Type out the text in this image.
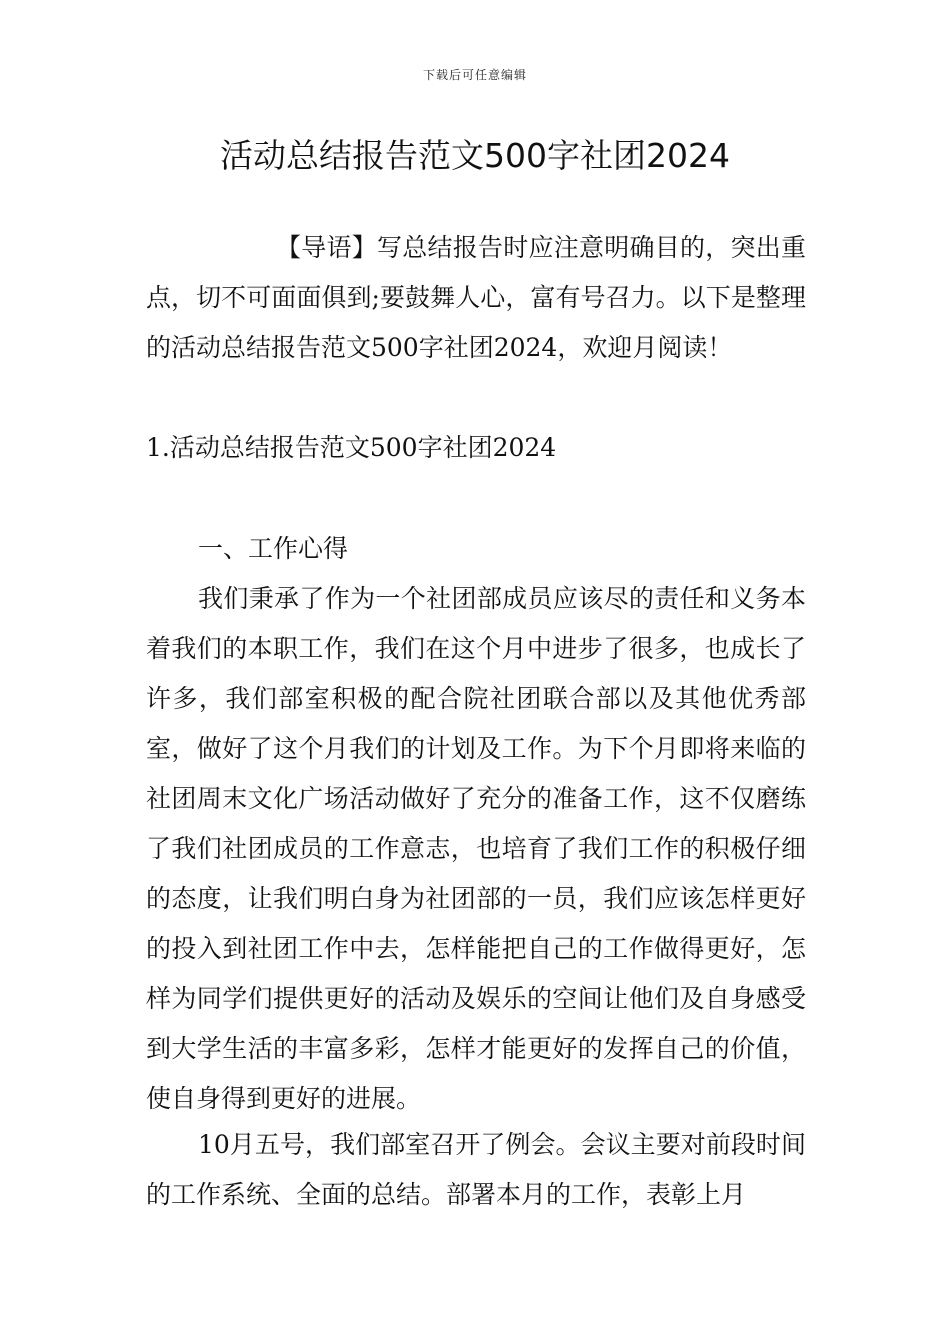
下载后可任意编辑
活动总结报告范文500字社团2024

【导语】写总结报告时应注意明确目的，突出重点，切不可面面俱到;要鼓舞人心，富有号召力。以下是整理的活动总结报告范文500字社团2024，欢迎月阅读！

1.活动总结报告范文500字社团2024

一、工作心得

我们秉承了作为一个社团部成员应该尽的责任和义务本着我们的本职工作，我们在这个月中进步了很多，也成长了许多，我们部室积极的配合院社团联合部以及其他优秀部室，做好了这个月我们的计划及工作。为下个月即将来临的社团周末文化广场活动做好了充分的准备工作，这不仅磨练了我们社团成员的工作意志，也培育了我们工作的积极仔细的态度，让我们明白身为社团部的一员，我们应该怎样更好的投入到社团工作中去，怎样能把自己的工作做得更好，怎样为同学们提供更好的活动及娱乐的空间让他们及自身感受到大学生活的丰富多彩，怎样才能更好的发挥自己的价值，使自身得到更好的进展。

10月五号，我们部室召开了例会。会议主要对前段时间的工作系统、全面的总结。部署本月的工作，表彰上月
